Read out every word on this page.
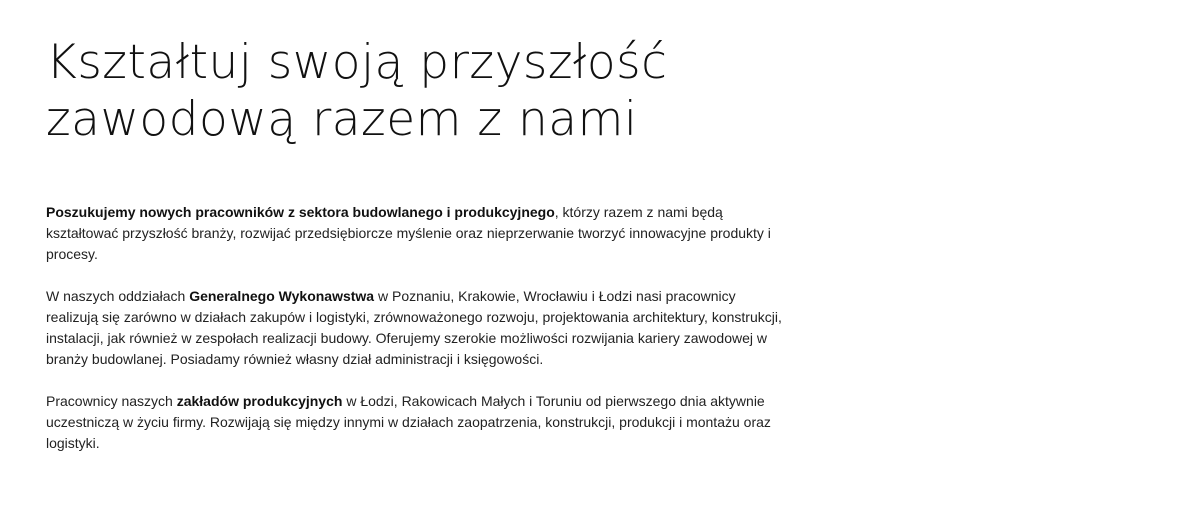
Kształtuj swoją przyszłość
zawodową razem z nami

Poszukujemy nowych pracowników z sektora budowlanego i produkcyjnego, którzy razem z nami będą kształtować przyszłość branży, rozwijać przedsiębiorcze myślenie oraz nieprzerwanie tworzyć innowacyjne produkty i procesy.

W naszych oddziałach Generalnego Wykonawstwa w Poznaniu, Krakowie, Wrocławiu i Łodzi nasi pracownicy realizują się zarówno w działach zakupów i logistyki, zrównoważonego rozwoju, projektowania architektury, konstrukcji, instalacji, jak również w zespołach realizacji budowy. Oferujemy szerokie możliwości rozwijania kariery zawodowej w branży budowlanej. Posiadamy również własny dział administracji i księgowości.

Pracownicy naszych zakładów produkcyjnych w Łodzi, Rakowicach Małych i Toruniu od pierwszego dnia aktywnie uczestniczą w życiu firmy. Rozwijają się między innymi w działach zaopatrzenia, konstrukcji, produkcji i montażu oraz logistyki.
